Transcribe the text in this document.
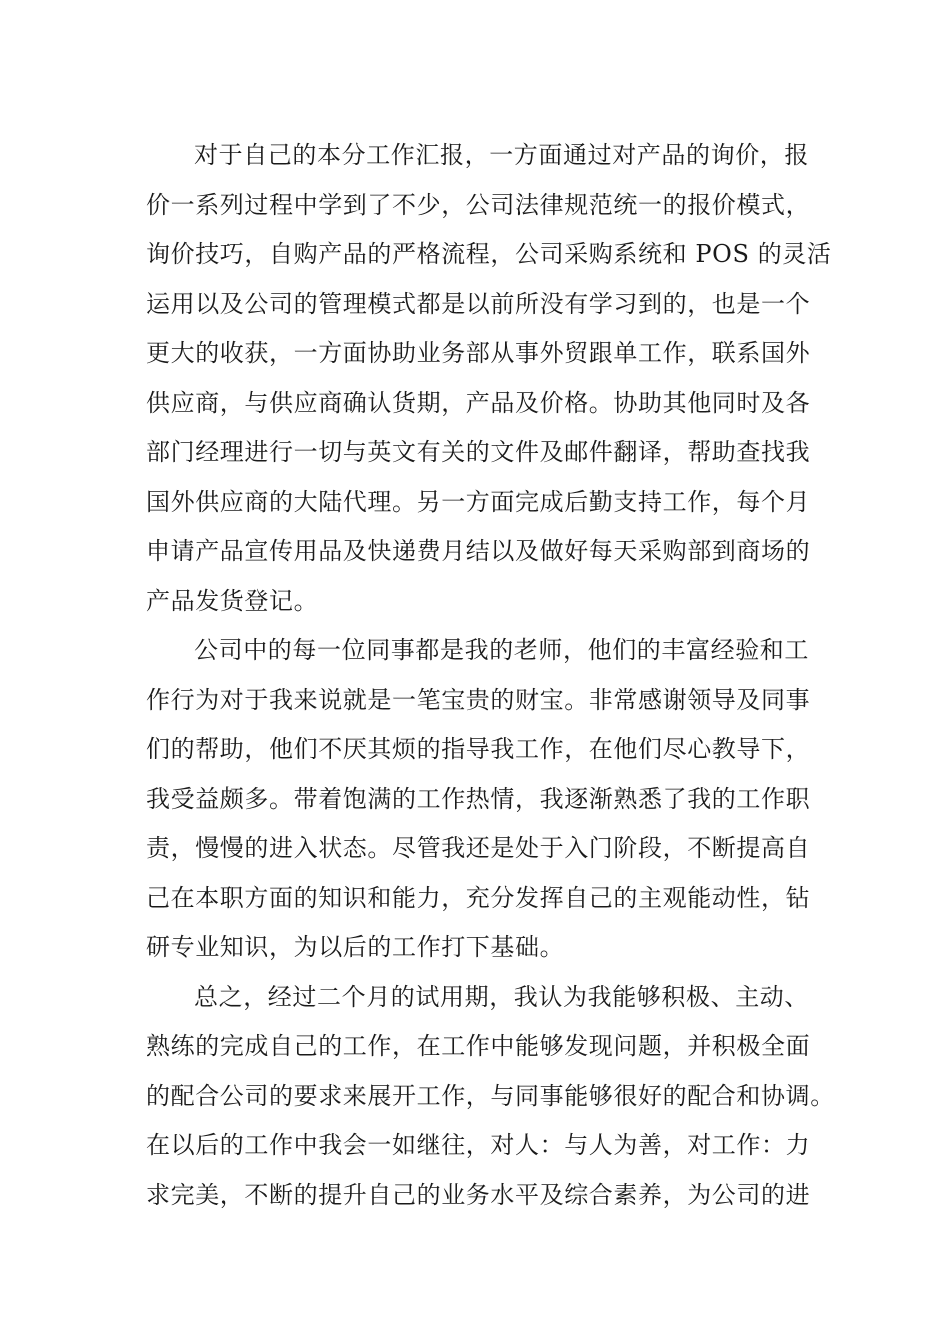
对于自己的本分工作汇报，一方面通过对产品的询价，报
价一系列过程中学到了不少，公司法律规范统一的报价模式，
询价技巧，自购产品的严格流程，公司采购系统和 POS 的灵活
运用以及公司的管理模式都是以前所没有学习到的，也是一个
更大的收获，一方面协助业务部从事外贸跟单工作，联系国外
供应商，与供应商确认货期，产品及价格。协助其他同时及各
部门经理进行一切与英文有关的文件及邮件翻译，帮助查找我
国外供应商的大陆代理。另一方面完成后勤支持工作，每个月
申请产品宣传用品及快递费月结以及做好每天采购部到商场的
产品发货登记。
公司中的每一位同事都是我的老师，他们的丰富经验和工
作行为对于我来说就是一笔宝贵的财宝。非常感谢领导及同事
们的帮助，他们不厌其烦的指导我工作，在他们尽心教导下，
我受益颇多。带着饱满的工作热情，我逐渐熟悉了我的工作职
责，慢慢的进入状态。尽管我还是处于入门阶段，不断提高自
己在本职方面的知识和能力，充分发挥自己的主观能动性，钻
研专业知识，为以后的工作打下基础。
总之，经过二个月的试用期，我认为我能够积极、主动、
熟练的完成自己的工作，在工作中能够发现问题，并积极全面
的配合公司的要求来展开工作，与同事能够很好的配合和协调。
在以后的工作中我会一如继往，对人：与人为善，对工作：力
求完美，不断的提升自己的业务水平及综合素养，为公司的进
